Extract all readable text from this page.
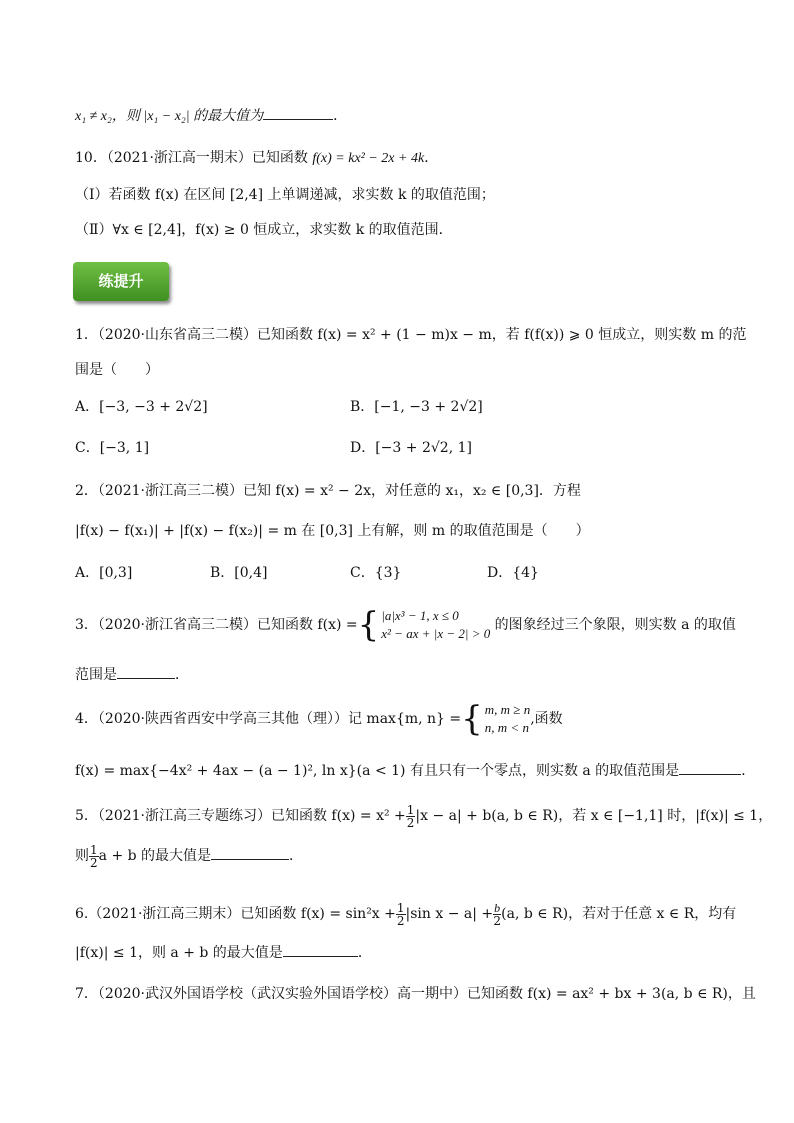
x₁ ≠ x₂，则 |x₁ − x₂| 的最大值为	．
10．（2021·浙江高一期末）已知函数 f(x) = kx² − 2x + 4k．
（Ⅰ）若函数 f(x) 在区间 [2,4] 上单调递减，求实数 k 的取值范围；
（Ⅱ）∀x ∈ [2,4]，f(x) ≥ 0 恒成立，求实数 k 的取值范围．
练提升
1．（2020·山东省高三二模）已知函数 f(x) = x² + (1 − m)x − m，若 f(f(x)) ⩾ 0 恒成立，则实数 m 的范
围是（　　）
A．[−3, −3 + 2√2]	B．[−1, −3 + 2√2]
C．[−3, 1]	D．[−3 + 2√2, 1]
2．（2021·浙江高三二模）已知 f(x) = x² − 2x，对任意的 x₁，x₂ ∈ [0,3]．方程
|f(x) − f(x₁)| + |f(x) − f(x₂)| = m 在 [0,3] 上有解，则 m 的取值范围是（　　）
A．[0,3]	B．[0,4]	C．{3}	D．{4}
3．（2020·浙江省高三二模）已知函数 f(x) ={ |a|x³ − 1, x ≤ 0
x² − ax + |x − 2| > 0
的图象经过三个象限，则实数 a 的取值
范围是	．
4．（2020·陕西省西安中学高三其他（理））记 max{m, n} ={ m, m ≥ n
n, m < n
,函数
f(x) = max{−4x² + 4ax − (a − 1)², ln x}(a < 1) 有且只有一个零点，则实数 a 的取值范围是	．
5．（2021·浙江高三专题练习）已知函数 $f(x) = x^2 + \frac{1}{2} |x - a| + b(a$, b ∈ R)，若 x ∈ [−1,1] 时，|f(x)| ≤ 1，
则 $\frac{1}{2}$ a + b 的最大值是	．
6.（2021·浙江高三期末）已知函数 $f(x) = \sin^2x + \frac{1}{2} |\sin$ $x - a| + \frac{b}{2} (a$, b ∈ R)，若对于任意 x ∈ R，均有
|f(x)| ≤ 1，则 a + b 的最大值是	．
7．（2020·武汉外国语学校（武汉实验外国语学校）高一期中）已知函数 f(x) = ax² + bx + 3(a, b ∈ R)，且
